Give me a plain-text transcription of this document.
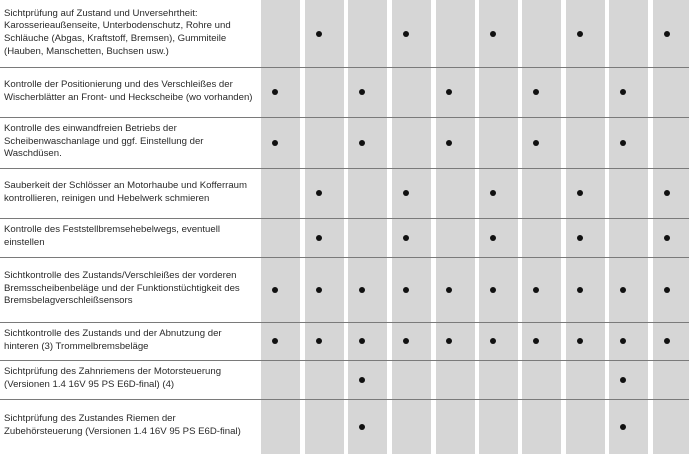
Sichtprüfung auf Zustand und Unversehrtheit: Karosserieaußenseite, Unterbodenschutz, Rohre und Schläuche (Abgas, Kraftstoff, Bremsen), Gummiteile (Hauben, Manschetten, Buchsen usw.)
Kontrolle der Positionierung und des Verschleißes der Wischerblätter an Front- und Heckscheibe (wo vorhanden)
Kontrolle des einwandfreien Betriebs der Scheibenwaschanlage und ggf. Einstellung der Waschdüsen.
Sauberkeit der Schlösser an Motorhaube und Kofferraum kontrollieren, reinigen und Hebelwerk schmieren
Kontrolle des Feststellbremsehebelwegs, eventuell einstellen
Sichtkontrolle des Zustands/Verschleißes der vorderen Bremsscheibenbeläge und der Funktionstüchtigkeit des Bremsbelagverschleißsensors
Sichtkontrolle des Zustands und der Abnutzung der hinteren (3) Trommelbremsbeläge
Sichtprüfung des Zahnriemens der Motorsteuerung (Versionen 1.4 16V 95 PS E6D-final) (4)
Sichtprüfung des Zustandes Riemen der Zubehörsteuerung (Versionen 1.4 16V 95 PS E6D-final)
